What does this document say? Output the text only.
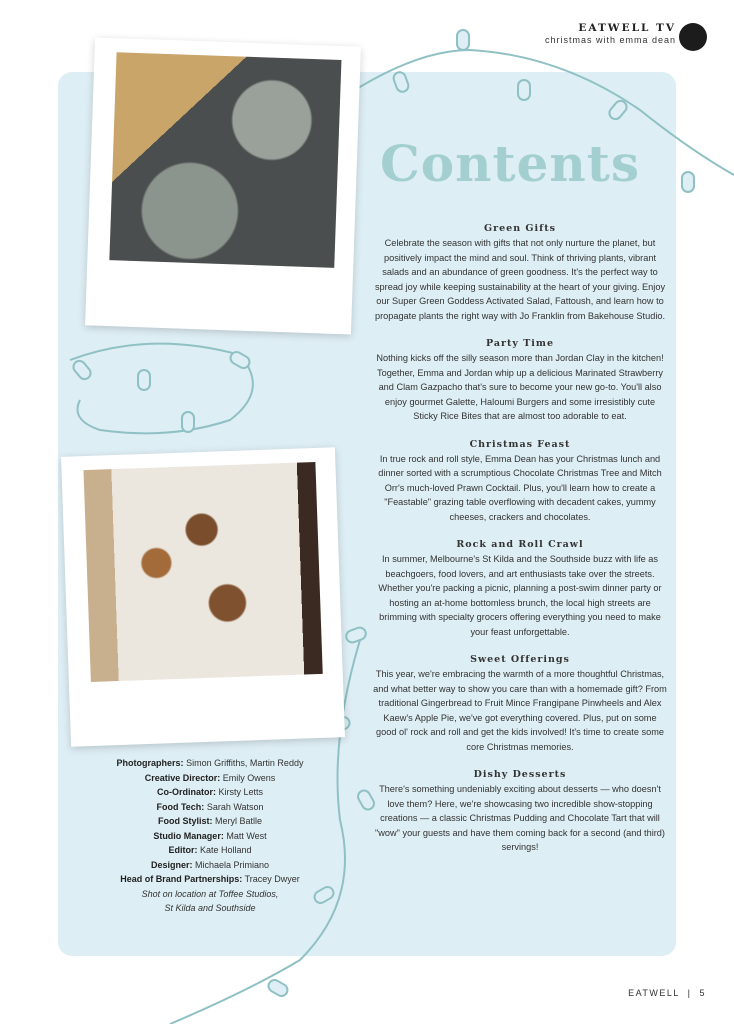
EATWELL TV
christmas with emma dean
Contents
Green Gifts

Celebrate the season with gifts that not only nurture the planet, but positively impact the mind and soul. Think of thriving plants, vibrant salads and an abundance of green goodness. It's the perfect way to spread joy while keeping sustainability at the heart of your giving. Enjoy our Super Green Goddess Activated Salad, Fattoush, and learn how to propagate plants the right way with Jo Franklin from Bakehouse Studio.

Party Time

Nothing kicks off the silly season more than Jordan Clay in the kitchen! Together, Emma and Jordan whip up a delicious Marinated Strawberry and Clam Gazpacho that's sure to become your new go-to. You'll also enjoy gourmet Galette, Haloumi Burgers and some irresistibly cute Sticky Rice Bites that are almost too adorable to eat.

Christmas Feast

In true rock and roll style, Emma Dean has your Christmas lunch and dinner sorted with a scrumptious Chocolate Christmas Tree and Mitch Orr's much-loved Prawn Cocktail. Plus, you'll learn how to create a "Feastable" grazing table overflowing with decadent cakes, yummy cheeses, crackers and chocolates.

Rock and Roll Crawl

In summer, Melbourne's St Kilda and the Southside buzz with life as beachgoers, food lovers, and art enthusiasts take over the streets. Whether you're packing a picnic, planning a post-swim dinner party or hosting an at-home bottomless brunch, the local high streets are brimming with specialty grocers offering everything you need to make your feast unforgettable.

Sweet Offerings

This year, we're embracing the warmth of a more thoughtful Christmas, and what better way to show you care than with a homemade gift? From traditional Gingerbread to Fruit Mince Frangipane Pinwheels and Alex Kaew's Apple Pie, we've got everything covered. Plus, put on some good ol' rock and roll and get the kids involved! It's time to create some core Christmas memories.

Dishy Desserts

There's something undeniably exciting about desserts — who doesn't love them? Here, we're showcasing two incredible show-stopping creations — a classic Christmas Pudding and Chocolate Tart that will "wow" your guests and have them coming back for a second (and third) servings!

Photographers: Simon Griffiths, Martin Reddy
Creative Director: Emily Owens
Co-Ordinator: Kirsty Letts
Food Tech: Sarah Watson
Food Stylist: Meryl Batlle
Studio Manager: Matt West
Editor: Kate Holland
Designer: Michaela Primiano
Head of Brand Partnerships: Tracey Dwyer
Shot on location at Toffee Studios,
St Kilda and Southside
EATWELL | 5
